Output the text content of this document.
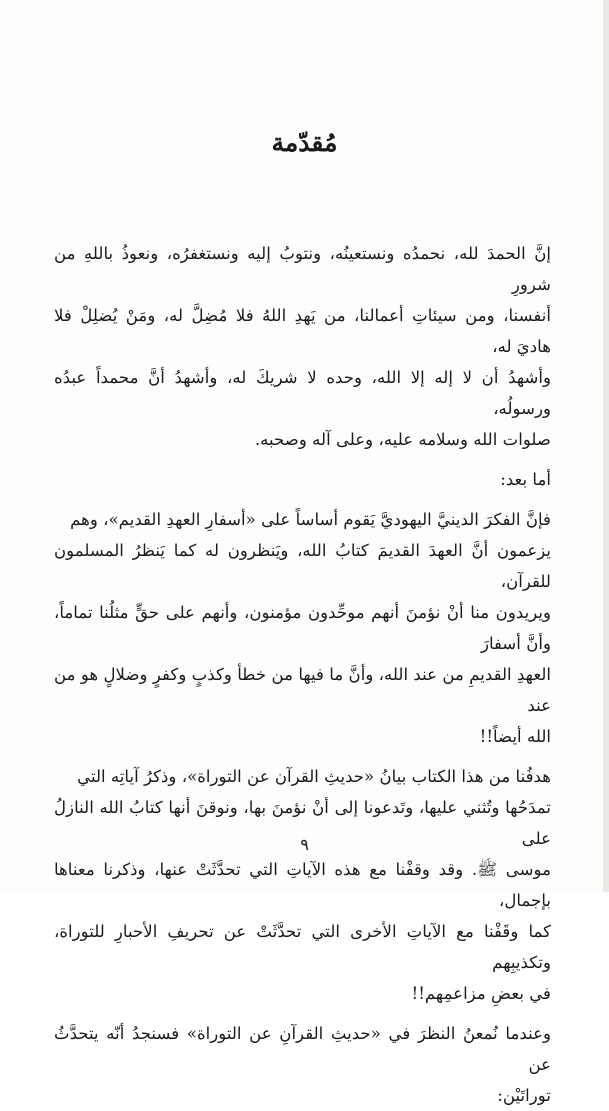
مُقدّمة

إنَّ الحمدَ لله، نحمدُه ونستعينُه، ونتوبُ إليه ونستغفرُه، ونعوذُ باللهِ من شرورِ
أنفسنا، ومن سيئاتِ أعمالنا، من يَهدِ اللهُ فلا مُضِلَّ له، ومَنْ يُضلِلْ فلا هاديَ له،
وأشهدُ أن لا إله إلا الله، وحده لا شريكَ له، وأشهدُ أنَّ محمداً عبدُه ورسولُه،
صلوات الله وسلامه عليه، وعلى آله وصحبه.

أما بعد:

فإنَّ الفكرَ الدينيَّ اليهوديَّ يَقوم أساساً على «أسفارِ العهدِ القديم»، وهم
يزعمون أنَّ العهدَ القديمَ كتابُ الله، ويَنظرون له كما يَنظرُ المسلمون للقرآن،
ويريدون منا أنْ نؤمنَ أنهم موحِّدون مؤمنون، وأنهم على حقٍّ مثلُنا تماماً، وأنَّ أسفارَ
العهدِ القديمِ من عند الله، وأنَّ ما فيها من خطأ وكذبٍ وكفرٍ وضلالٍ هو من عند
الله أيضاً!!

هدفُنا من هذا الكتاب بيانُ «حديثِ القرآن عن التوراة»، وذكرُ آياتِه التي
تمدَحُها وتُثني عليها، وتَدعونا إلى أنْ نؤمنَ بها، ونوقنَ أنها كتابُ الله النازلُ على
موسى ﷺ. وقد وقفْنا مع هذه الآياتِ التي تحدَّثَتْ عنها، وذكرنا معناها بإجمال،
كما وقَفْنا مع الآياتِ الأخرى التي تحدَّثَتْ عن تحريفِ الأحبارِ للتوراة، وتكذيبِهم
في بعضِ مزاعمِهم!!

وعندما نُمعنُ النظرَ في «حديثِ القرآنِ عن التوراة» فسنجدُ أنّه يتحدَّثُ عن
توراتَيْن:

٩
